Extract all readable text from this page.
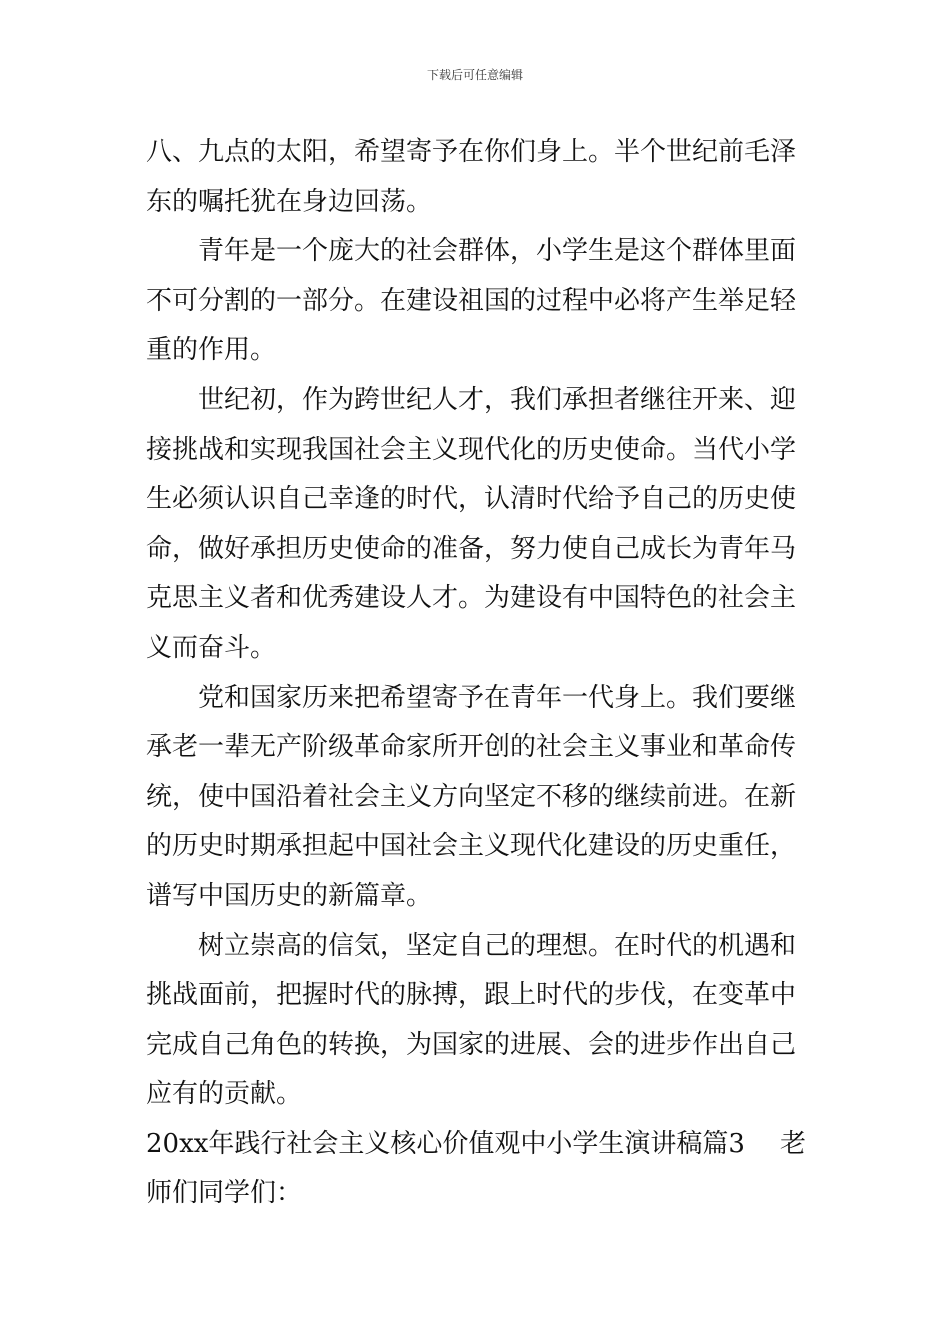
下载后可任意编辑
八、九点的太阳，希望寄予在你们身上。半个世纪前毛泽
东的嘱托犹在身边回荡。
青年是一个庞大的社会群体，小学生是这个群体里面
不可分割的一部分。在建设祖国的过程中必将产生举足轻
重的作用。
世纪初，作为跨世纪人才，我们承担者继往开来、迎
接挑战和实现我国社会主义现代化的历史使命。当代小学
生必须认识自己幸逢的时代，认清时代给予自己的历史使
命，做好承担历史使命的准备，努力使自己成长为青年马
克思主义者和优秀建设人才。为建设有中国特色的社会主
义而奋斗。
党和国家历来把希望寄予在青年一代身上。我们要继
承老一辈无产阶级革命家所开创的社会主义事业和革命传
统，使中国沿着社会主义方向坚定不移的继续前进。在新
的历史时期承担起中国社会主义现代化建设的历史重任，
谱写中国历史的新篇章。
树立崇高的信気，坚定自己的理想。在时代的机遇和
挑战面前，把握时代的脉搏，跟上时代的步伐，在变革中
完成自己角色的转换，为国家的进展、会的进步作出自己
应有的贡献。
20xx年践行社会主义核心价值观中小学生演讲稿篇3 老
师们同学们：
